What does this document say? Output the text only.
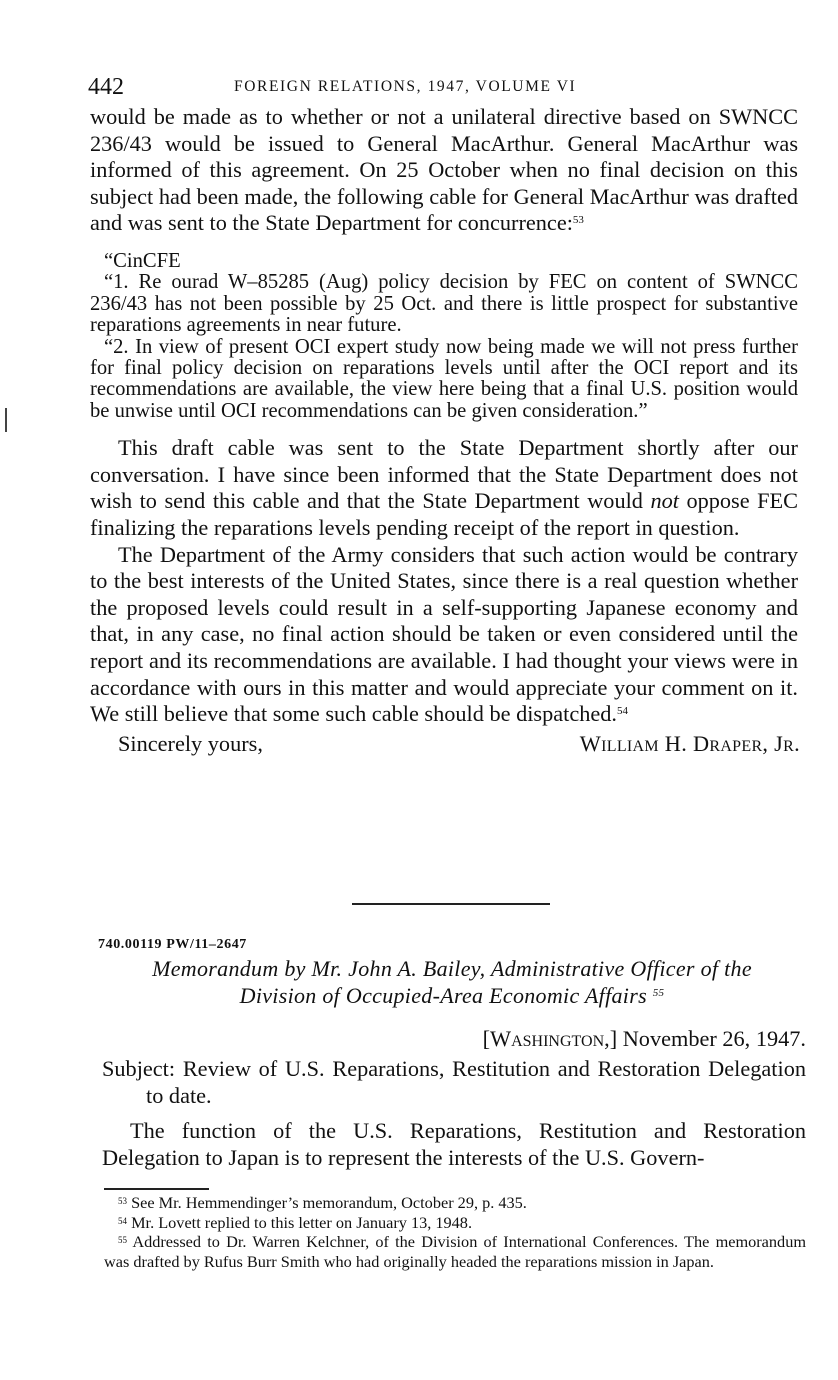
442	FOREIGN RELATIONS, 1947, VOLUME VI

would be made as to whether or not a unilateral directive based on SWNCC 236/43 would be issued to General MacArthur. General MacArthur was informed of this agreement. On 25 October when no final decision on this subject had been made, the following cable for General MacArthur was drafted and was sent to the State Department for concurrence:$^{53}$

“CinCFE

“1. Re ourad W–85285 (Aug) policy decision by FEC on content of SWNCC 236/43 has not been possible by 25 Oct. and there is little prospect for substantive reparations agreements in near future.

“2. In view of present OCI expert study now being made we will not press further for final policy decision on reparations levels until after the OCI report and its recommendations are available, the view here being that a final U.S. position would be unwise until OCI recommendations can be given consideration.”

This draft cable was sent to the State Department shortly after our conversation. I have since been informed that the State Department does not wish to send this cable and that the State Department would not oppose FEC finalizing the reparations levels pending receipt of the report in question.

The Department of the Army considers that such action would be contrary to the best interests of the United States, since there is a real question whether the proposed levels could result in a self-supporting Japanese economy and that, in any case, no final action should be taken or even considered until the report and its recommendations are available. I had thought your views were in accordance with ours in this matter and would appreciate your comment on it. We still believe that some such cable should be dispatched.$^{54}$

Sincerely yours,	William H. Draper, Jr.
740.00119 PW/11–2647
Memorandum by Mr. John A. Bailey, Administrative Officer of the
Division of Occupied-Area Economic Affairs $^{55}$
[Washington,] November 26, 1947.

Subject: Review of U.S. Reparations, Restitution and Restoration Delegation to date.

The function of the U.S. Reparations, Restitution and Restoration Delegation to Japan is to represent the interests of the U.S. Govern-

$^{53}$ See Mr. Hemmendinger’s memorandum, October 29, p. 435.

$^{54}$ Mr. Lovett replied to this letter on January 13, 1948.

$^{55}$ Addressed to Dr. Warren Kelchner, of the Division of International Conferences. The memorandum was drafted by Rufus Burr Smith who had originally headed the reparations mission in Japan.
